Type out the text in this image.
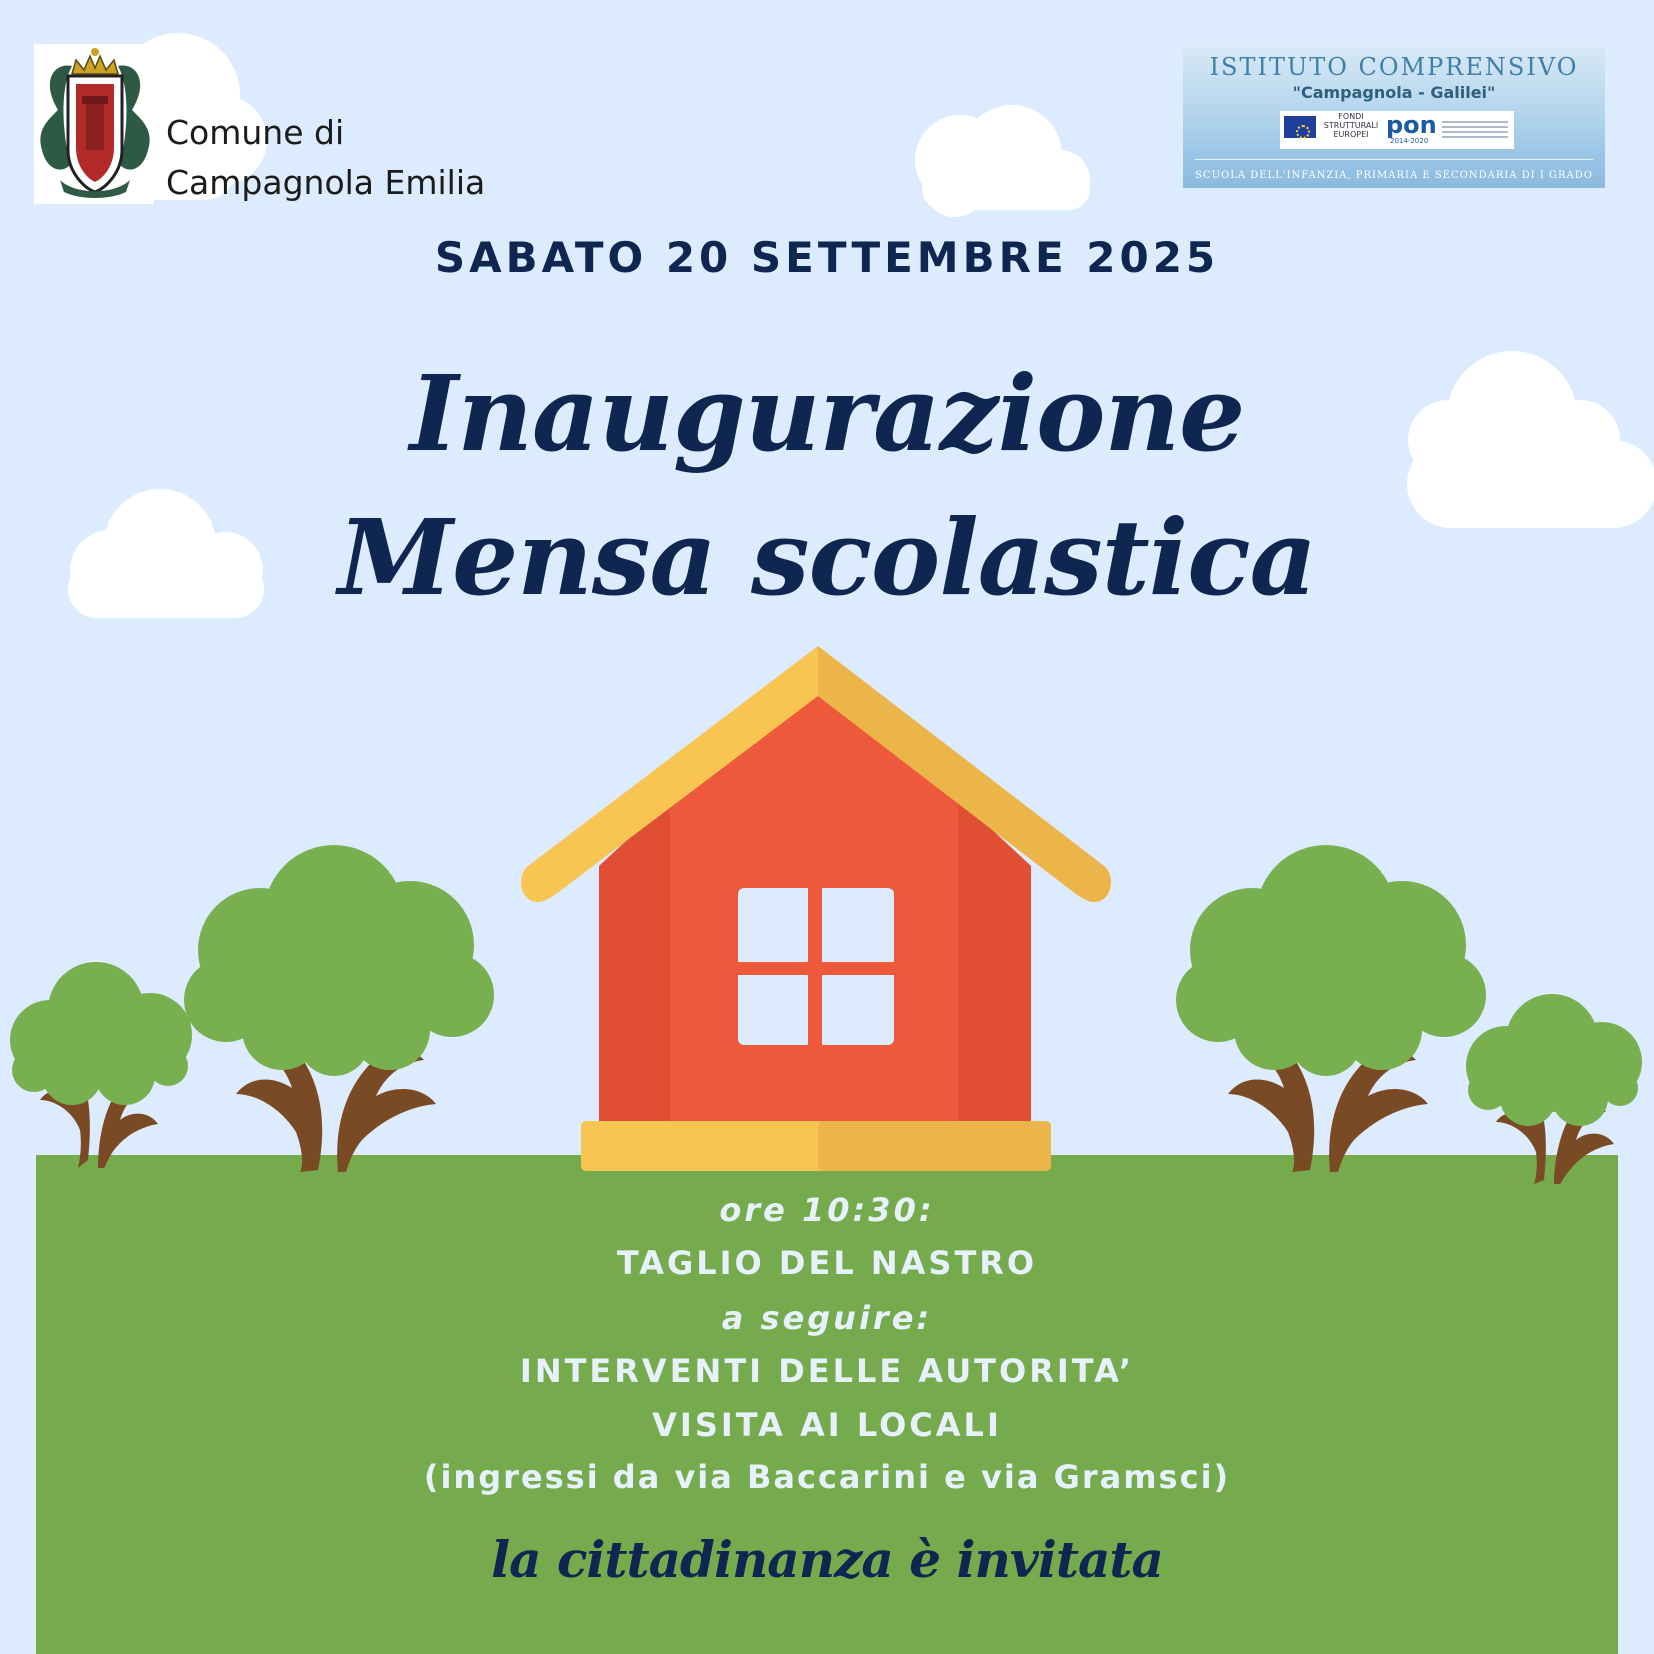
Comune di
Campagnola Emilia
ISTITUTO COMPRENSIVO
"Campagnola - Galilei"
FONDI STRUTTURALI EUROPEI pon
2014-2020
SCUOLA DELL'INFANZIA, PRIMARIA E SECONDARIA DI I GRADO
SABATO 20 SETTEMBRE 2025
Inaugurazione
Mensa scolastica
ore 10:30:
TAGLIO DEL NASTRO
a seguire:
INTERVENTI DELLE AUTORITA’
VISITA AI LOCALI
(ingressi da via Baccarini e via Gramsci)
la cittadinanza è invitata
